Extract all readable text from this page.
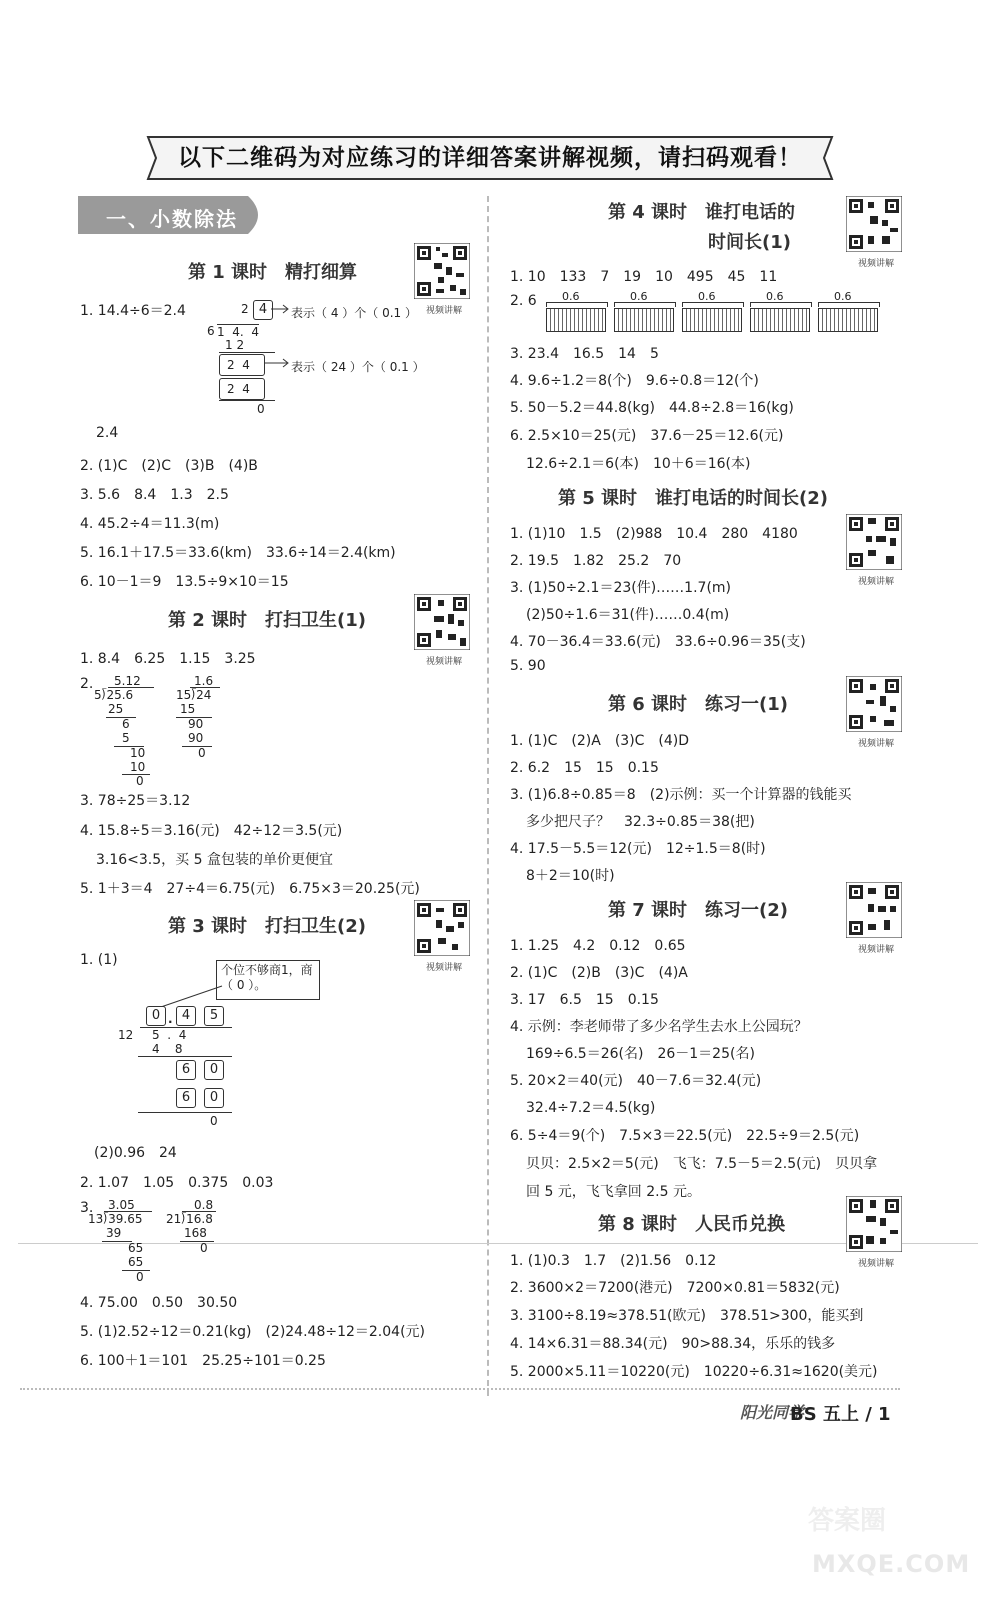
以下二维码为对应练习的详细答案讲解视频，请扫码观看！
一、小数除法
第 1 课时　精打细算
视频讲解
1. 14.4÷6＝2.4	4
2
6 1  4.  4
1 2
2  4
2  4
0
表示（ 4 ）个（ 0.1 ）
表示（ 24 ）个（ 0.1 ）
2.4
2. (1)C　(2)C　(3)B　(4)B
3. 5.6　8.4　1.3　2.5
4. 45.2÷4＝11.3(m)
5. 16.1＋17.5＝33.6(km)　33.6÷14＝2.4(km)
6. 10－1＝9　13.5÷9×10＝15
第 2 课时　打扫卫生(1)
视频讲解
1. 8.4　6.25　1.15　3.25
2. 5.12
5⟌25.6
25
6
5
10
10
0
1.6
15⟌24
15
90
90
0
3. 78÷25＝3.12
4. 15.8÷5＝3.16(元)　42÷12＝3.5(元)
3.16<3.5，买 5 盒包装的单价更便宜
5. 1＋3＝4　27÷4＝6.75(元)　6.75×3＝20.25(元)
第 3 课时　打扫卫生(2)
视频讲解
1. (1)
个位不够商1，商（ 0 ）。
0 . 4	5
12 5  .  4
4    8
6	0
6	0
0
(2)0.96　24
2. 1.07　1.05　0.375　0.03
3. 3.05
13⟌39.65
39
65
65
0
0.8
21⟌16.8
168
0
4. 75.00　0.50　30.50
5. (1)2.52÷12＝0.21(kg)　(2)24.48÷12＝2.04(元)
6. 100＋1＝101　25.25÷101＝0.25
第 4 课时　谁打电话的
时间长(1)
视频讲解
1. 10　133　7　19　10　495　45　11
2. 6 0.6	0.6	0.6	0.6	0.6
3. 23.4　16.5　14　5
4. 9.6÷1.2＝8(个)　9.6÷0.8＝12(个)
5. 50－5.2＝44.8(kg)　44.8÷2.8＝16(kg)
6. 2.5×10＝25(元)　37.6－25＝12.6(元)
12.6÷2.1＝6(本)　10＋6＝16(本)
第 5 课时　谁打电话的时间长(2)
视频讲解
1. (1)10　1.5　(2)988　10.4　280　4180
2. 19.5　1.82　25.2　70
3. (1)50÷2.1＝23(件)……1.7(m)
(2)50÷1.6＝31(件)……0.4(m)
4. 70－36.4＝33.6(元)　33.6÷0.96＝35(支)
5. 90
第 6 课时　练习一(1)
视频讲解
1. (1)C　(2)A　(3)C　(4)D
2. 6.2　15　15　0.15
3. (1)6.8÷0.85＝8　(2)示例：买一个计算器的钱能买
多少把尺子？　32.3÷0.85＝38(把)
4. 17.5－5.5＝12(元)　12÷1.5＝8(时)
8＋2＝10(时)
第 7 课时　练习一(2)
视频讲解
1. 1.25　4.2　0.12　0.65
2. (1)C　(2)B　(3)C　(4)A
3. 17　6.5　15　0.15
4. 示例：李老师带了多少名学生去水上公园玩？
169÷6.5＝26(名)　26－1＝25(名)
5. 20×2＝40(元)　40－7.6＝32.4(元)
32.4÷7.2＝4.5(kg)
6. 5÷4＝9(个)　7.5×3＝22.5(元)　22.5÷9＝2.5(元)
贝贝：2.5×2＝5(元)　飞飞：7.5－5＝2.5(元)　贝贝拿
回 5 元，飞飞拿回 2.5 元。
第 8 课时　人民币兑换
视频讲解
1. (1)0.3　1.7　(2)1.56　0.12
2. 3600×2＝7200(港元)　7200×0.81＝5832(元)
3. 3100÷8.19≈378.51(欧元)　378.51>300，能买到
4. 14×6.31＝88.34(元)　90>88.34，乐乐的钱多
5. 2000×5.11＝10220(元)　10220÷6.31≈1620(美元)
阳光同学
BS 五上 / 1
答案圈
MXQE.COM
